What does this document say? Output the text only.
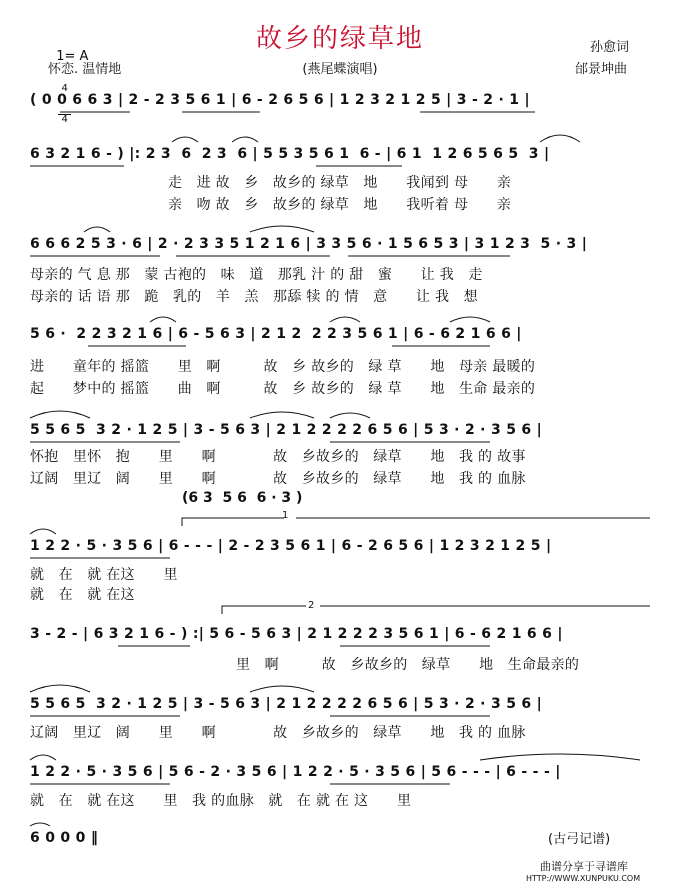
1= A

$\frac{4}{4}$

怀恋. 温情地
故乡的绿草地
(燕尾蝶演唱)
孙愈词
邰景坤曲
( 0 0 6 6 3 | 2 - 2 3 5 6 1 | 6 - 2 6 5 6 | 1 2 3 2 1 2 5 | 3 - 2 · 1 |
6 3 2 1 6 - ) |: 2 3  6  2 3  6 | 5 5 3 5 6 1  6 - | 6 1  1 2 6 5 6 5  3 |
走　进 故　乡　故乡的 绿草　地　　我闻到 母　　亲
亲　吻 故　乡　故乡的 绿草　地　　我听着 母　　亲
6 6 6 2 5 3 · 6 | 2 · 2 3 3 5 1 2 1 6 | 3 3 5 6 · 1 5 6 5 3 | 3 1 2 3  5 · 3 |
母亲的 气 息 那　蒙 古袍的　味　道　那乳 汁 的 甜　蜜　　让 我　走
母亲的 话 语 那　跪　乳的　羊　羔　那舔 犊 的 情　意　　让 我　想
5 6 ·  2 2 3 2 1 6 | 6 - 5 6 3 | 2 1 2  2 2 3 5 6 1 | 6 - 6 2 1 6 6 |
进　　童年的 摇篮　　里　啊　　　故　乡 故乡的　绿 草　　地　母亲 最暖的
起　　梦中的 摇篮　　曲　啊　　　故　乡 故乡的　绿 草　　地　生命 最亲的
5 5 6 5  3 2 · 1 2 5 | 3 - 5 6 3 | 2 1 2 2 2 2 6 5 6 | 5 3 · 2 · 3 5 6 |
怀抱　里怀　抱　　里　　啊　　　　故　乡故乡的　绿草　　地　我 的 故事
辽阔　里辽　阔　　里　　啊　　　　故　乡故乡的　绿草　　地　我 的 血脉
(6 3  5 6  6 · 3 )
1
1 2 2 · 5 · 3 5 6 | 6 - - - | 2 - 2 3 5 6 1 | 6 - 2 6 5 6 | 1 2 3 2 1 2 5 |
就　在　就 在这　　里
就　在　就 在这
2
3 - 2 - | 6 3 2 1 6 - ) :| 5 6 - 5 6 3 | 2 1 2 2 2 3 5 6 1 | 6 - 6 2 1 6 6 |
里　啊　　　故　乡故乡的　绿草　　地　生命最亲的
5 5 6 5  3 2 · 1 2 5 | 3 - 5 6 3 | 2 1 2 2 2 2 6 5 6 | 5 3 · 2 · 3 5 6 |
辽阔　里辽　阔　　里　　啊　　　　故　乡故乡的　绿草　　地　我 的 血脉
1 2 2 · 5 · 3 5 6 | 5 6 - 2 · 3 5 6 | 1 2 2 · 5 · 3 5 6 | 5 6 - - - | 6 - - - |
就　在　就 在这　　里　我 的血脉　就　在 就 在 这　　里
6 0 0 0 ‖	(古弓记谱)
曲谱分享于寻谱库
HTTP://WWW.XUNPUKU.COM
